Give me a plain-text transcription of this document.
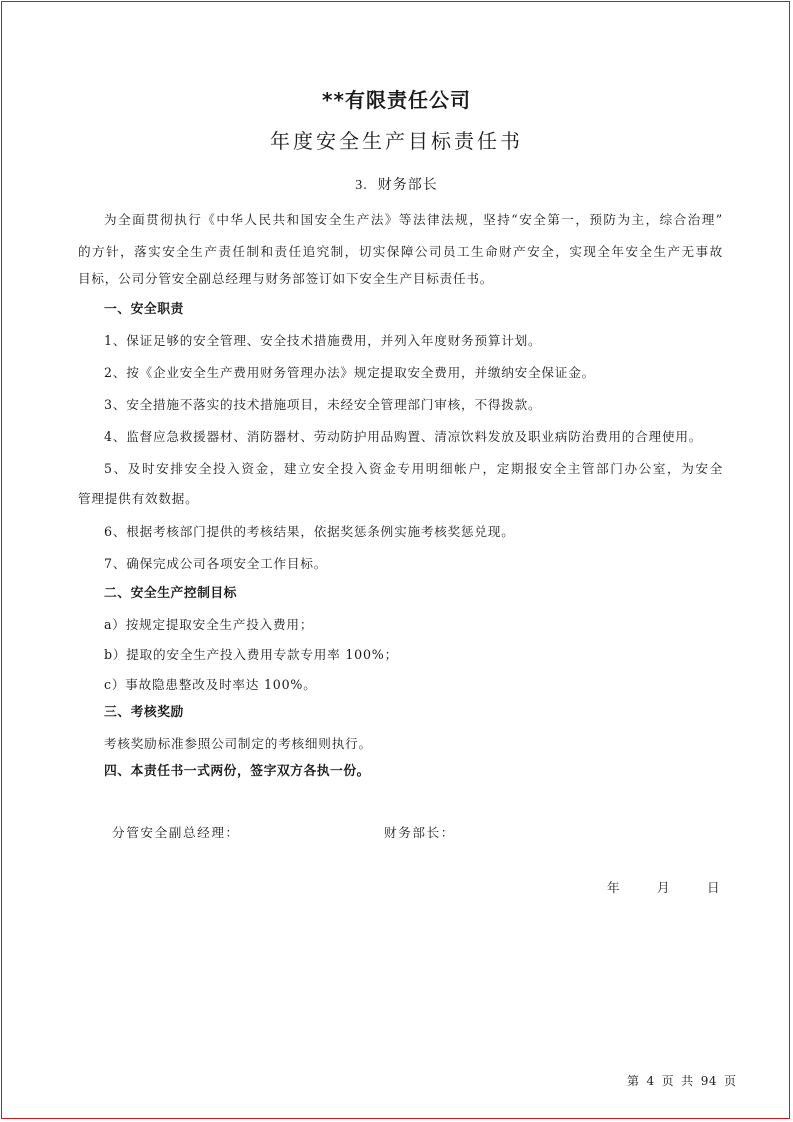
**有限责任公司
年度安全生产目标责任书
3. 财务部长
为全面贯彻执行《中华人民共和国安全生产法》等法律法规，坚持“安全第一，预防为主，综合治理”
的方针，落实安全生产责任制和责任追究制，切实保障公司员工生命财产安全，实现全年安全生产无事故
目标，公司分管安全副总经理与财务部签订如下安全生产目标责任书。
一、安全职责
1、保证足够的安全管理、安全技术措施费用，并列入年度财务预算计划。
2、按《企业安全生产费用财务管理办法》规定提取安全费用，并缴纳安全保证金。
3、安全措施不落实的技术措施项目，未经安全管理部门审核，不得拨款。
4、监督应急救援器材、消防器材、劳动防护用品购置、清凉饮料发放及职业病防治费用的合理使用。
5、及时安排安全投入资金，建立安全投入资金专用明细帐户，定期报安全主管部门办公室，为安全
管理提供有效数据。
6、根据考核部门提供的考核结果，依据奖惩条例实施考核奖惩兑现。
7、确保完成公司各项安全工作目标。
二、安全生产控制目标
a）按规定提取安全生产投入费用；
b）提取的安全生产投入费用专款专用率 100%；
c）事故隐患整改及时率达 100%。
三、考核奖励
考核奖励标准参照公司制定的考核细则执行。
四、本责任书一式两份，签字双方各执一份。
分管安全副总经理：	财务部长：
年	月	日
第 4 页 共 94 页
